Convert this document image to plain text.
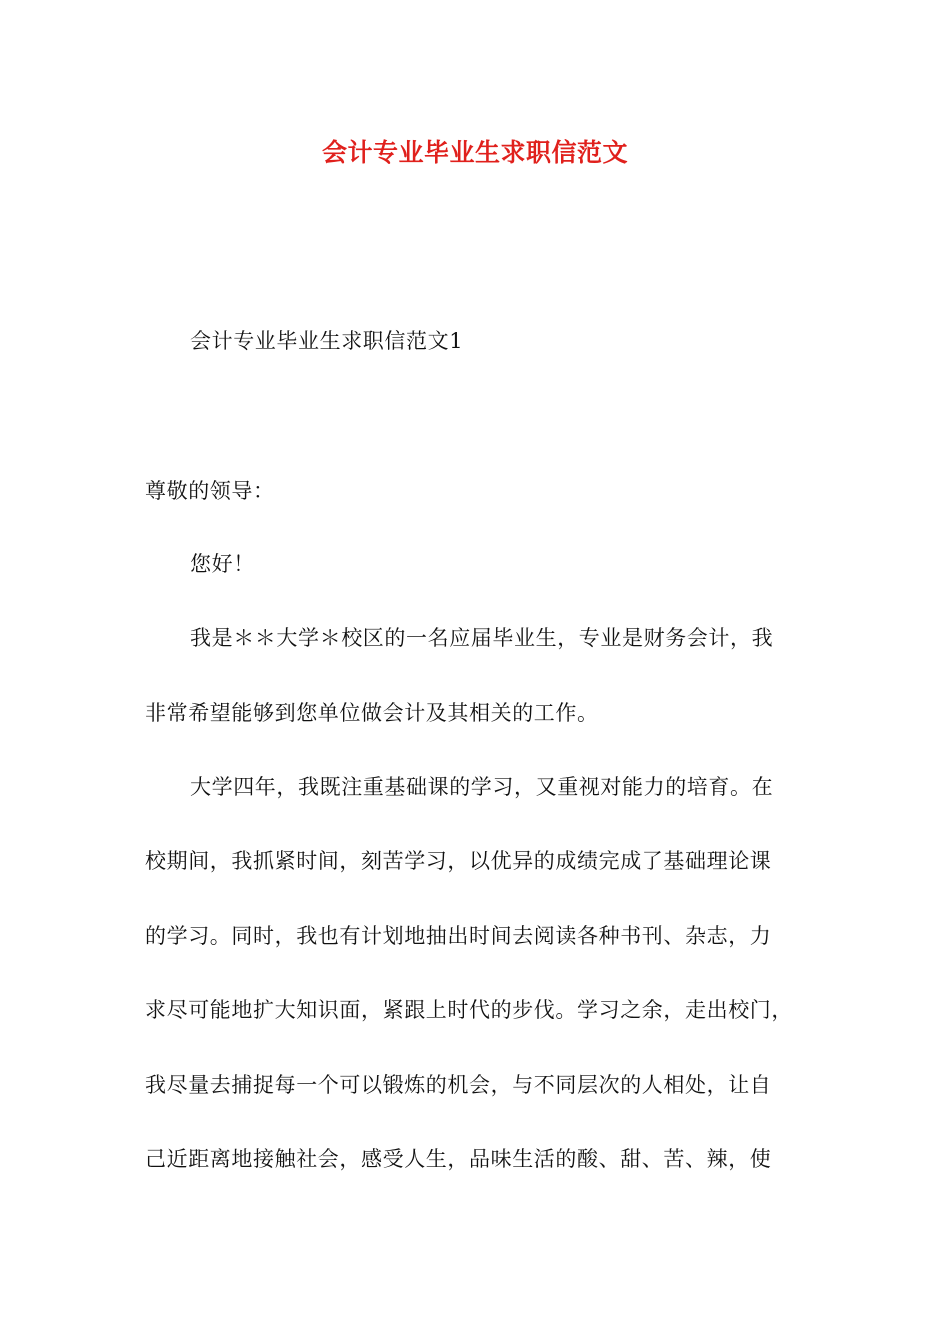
会计专业毕业生求职信范文
会计专业毕业生求职信范文1
尊敬的领导：
您好！
我是＊＊大学＊校区的一名应届毕业生，专业是财务会计，我
非常希望能够到您单位做会计及其相关的工作。
大学四年，我既注重基础课的学习，又重视对能力的培育。在
校期间，我抓紧时间，刻苦学习，以优异的成绩完成了基础理论课
的学习。同时，我也有计划地抽出时间去阅读各种书刊、杂志，力
求尽可能地扩大知识面，紧跟上时代的步伐。学习之余，走出校门，
我尽量去捕捉每一个可以锻炼的机会，与不同层次的人相处，让自
己近距离地接触社会，感受人生，品味生活的酸、甜、苦、辣，使
